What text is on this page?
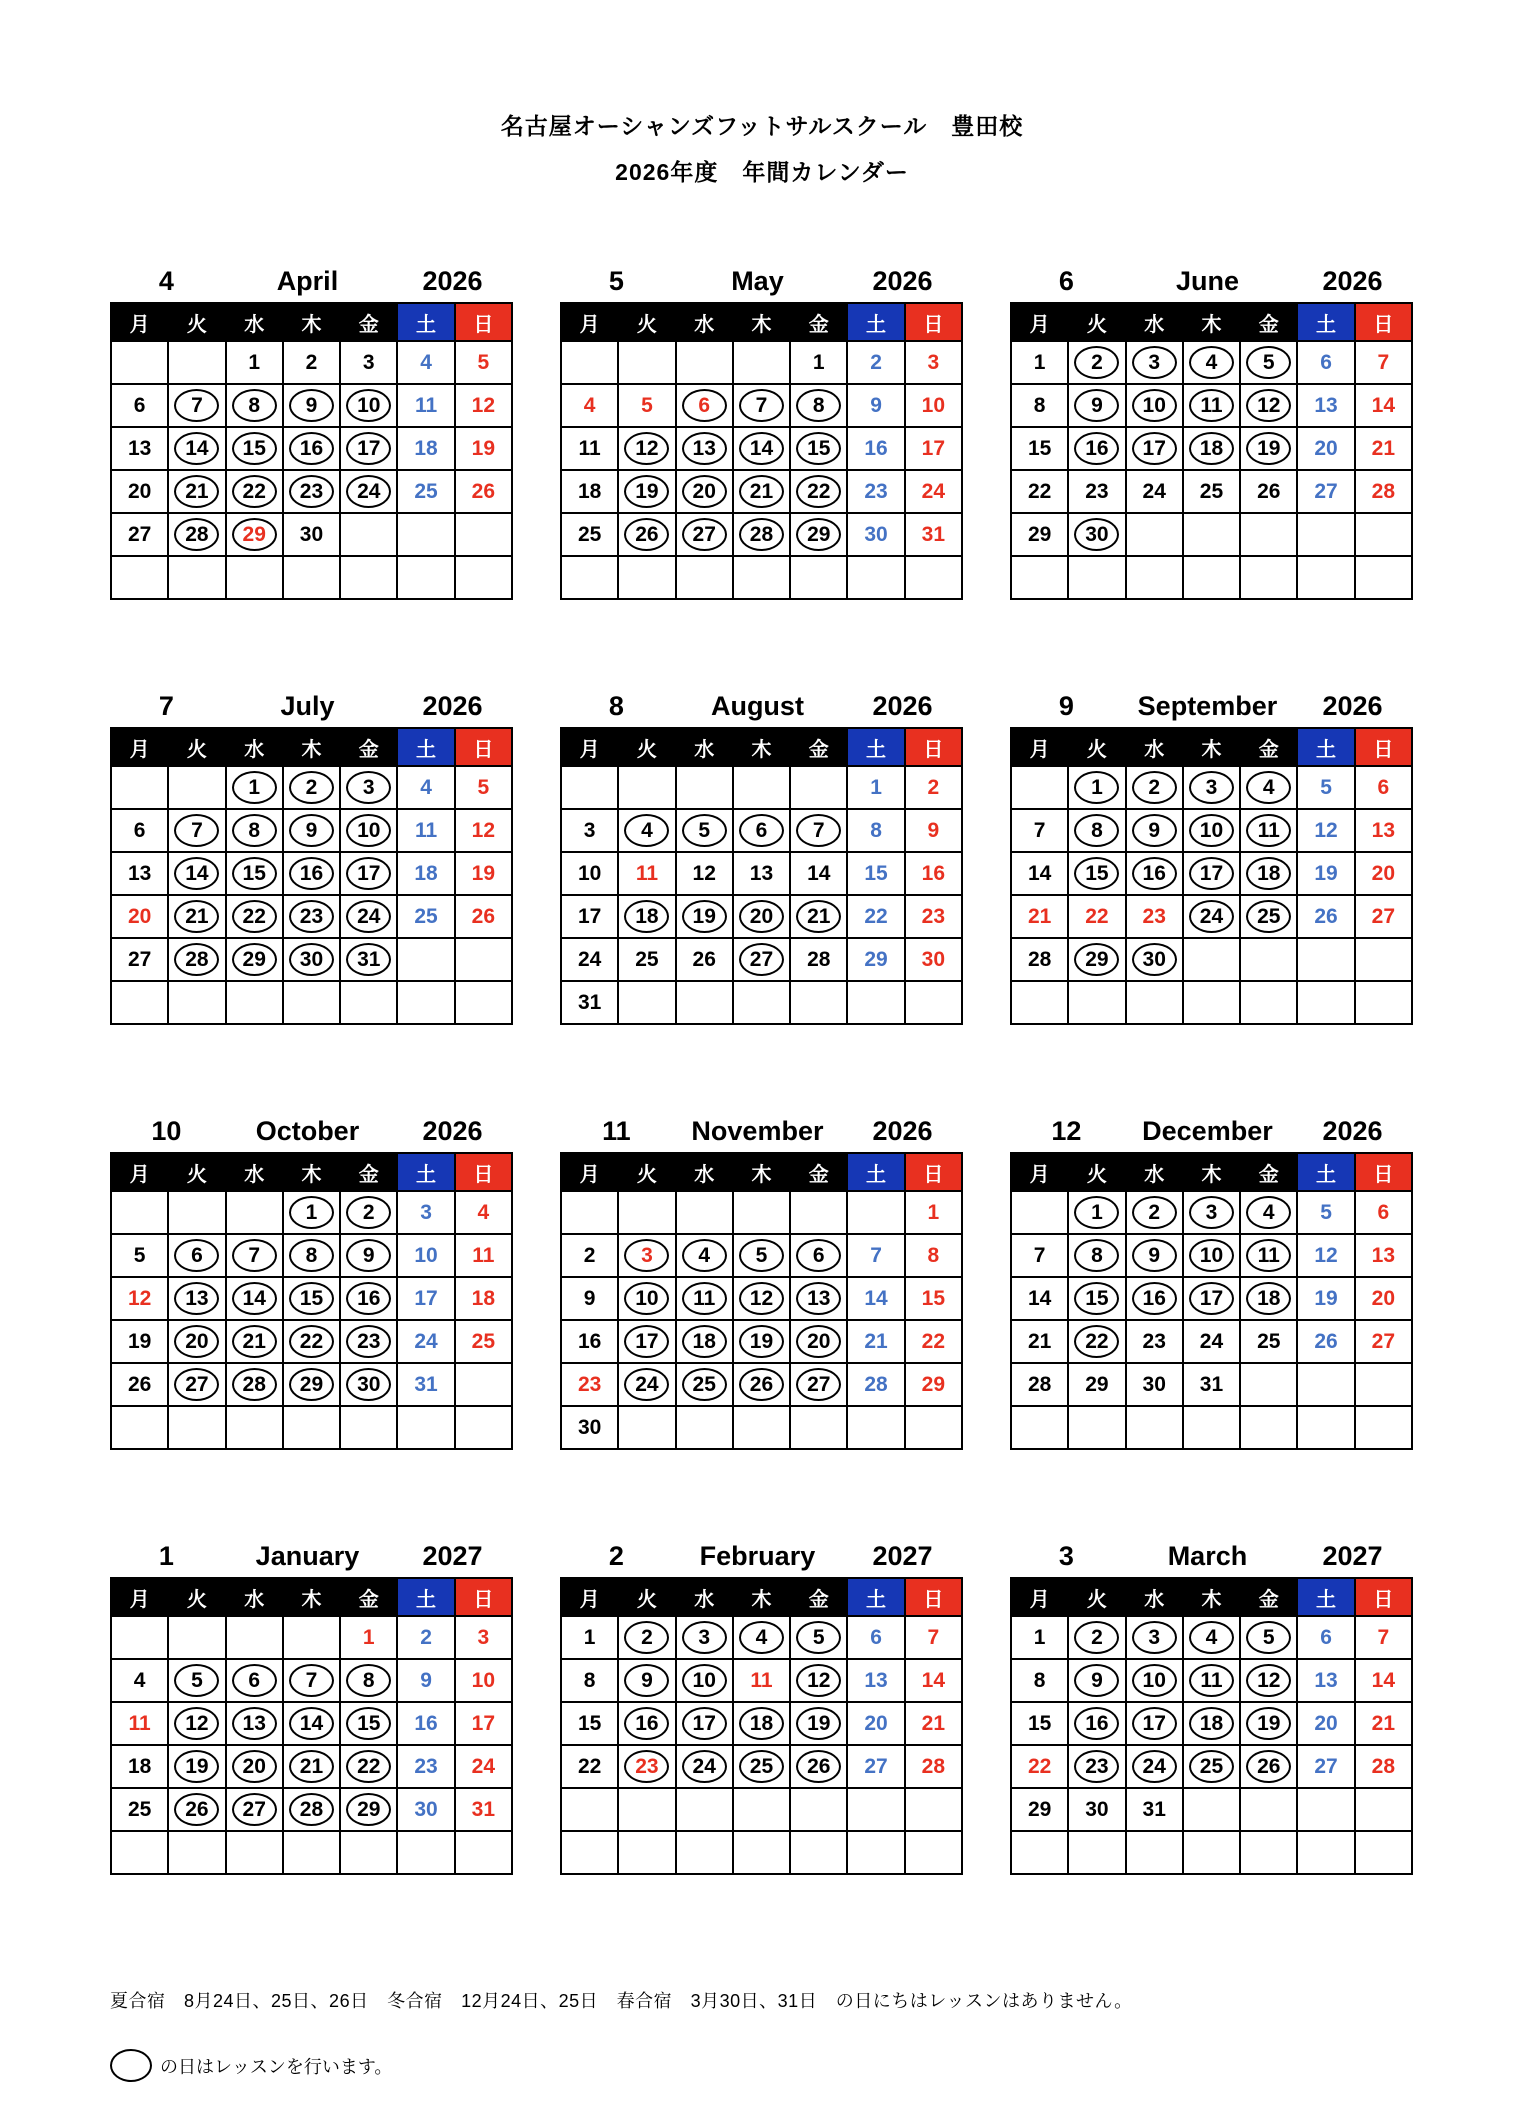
名古屋オーシャンズフットサルスクール　豊田校
2026年度　年間カレンダー
4	April	2026
月	火	水	木	金	土	日
		1	2	3	4	5
6	7	8	9	10	11	12
13	14	15	16	17	18	19
20	21	22	23	24	25	26
27	28	29	30			

5	May	2026
月	火	水	木	金	土	日
				1	2	3
4	5	6	7	8	9	10
11	12	13	14	15	16	17
18	19	20	21	22	23	24
25	26	27	28	29	30	31

6	June	2026
月	火	水	木	金	土	日
1	2	3	4	5	6	7
8	9	10	11	12	13	14
15	16	17	18	19	20	21
22	23	24	25	26	27	28
29	30					

7	July	2026
月	火	水	木	金	土	日

		1	2	3	4	5
6	7	8	9	10	11	12
13	14	15	16	17	18	19
20	21	22	23	24	25	26
27	28	29	30	31		

8	August	2026
月	火	水	木	金	土	日
					1	2
3	4	5	6	7	8	9
10	11	12	13	14	15	16
17	18	19	20	21	22	23
24	25	26	27	28	29	30
31						
9	September	2026
月	火	水	木	金	土	日

	1	2	3	4	5	6
7	8	9	10	11	12	13
14	15	16	17	18	19	20
21	22	23	24	25	26	27
28	29	30				

10	October	2026
月	火	水	木	金	土	日

			1	2	3	4
5	6	7	8	9	10	11
12	13	14	15	16	17	18
19	20	21	22	23	24	25
26	27	28	29	30	31	

11	November	2026
月	火	水	木	金	土	日
						1
2	3	4	5	6	7	8
9	10	11	12	13	14	15
16	17	18	19	20	21	22
23	24	25	26	27	28	29
30						
12	December	2026
月	火	水	木	金	土	日

	1	2	3	4	5	6
7	8	9	10	11	12	13
14	15	16	17	18	19	20
21	22	23	24	25	26	27
28	29	30	31			

1	January	2027
月	火	水	木	金	土	日
				1	2	3
4	5	6	7	8	9	10
11	12	13	14	15	16	17
18	19	20	21	22	23	24
25	26	27	28	29	30	31

2	February	2027
月	火	水	木	金	土	日
1	2	3	4	5	6	7
8	9	10	11	12	13	14
15	16	17	18	19	20	21
22	23	24	25	26	27	28

3	March	2027
月	火	水	木	金	土	日
1	2	3	4	5	6	7
8	9	10	11	12	13	14
15	16	17	18	19	20	21
22	23	24	25	26	27	28
29	30	31				

夏合宿　8月24日、25日、26日　冬合宿　12月24日、25日　春合宿　3月30日、31日　の日にちはレッスンはありません。
の日はレッスンを行います。
